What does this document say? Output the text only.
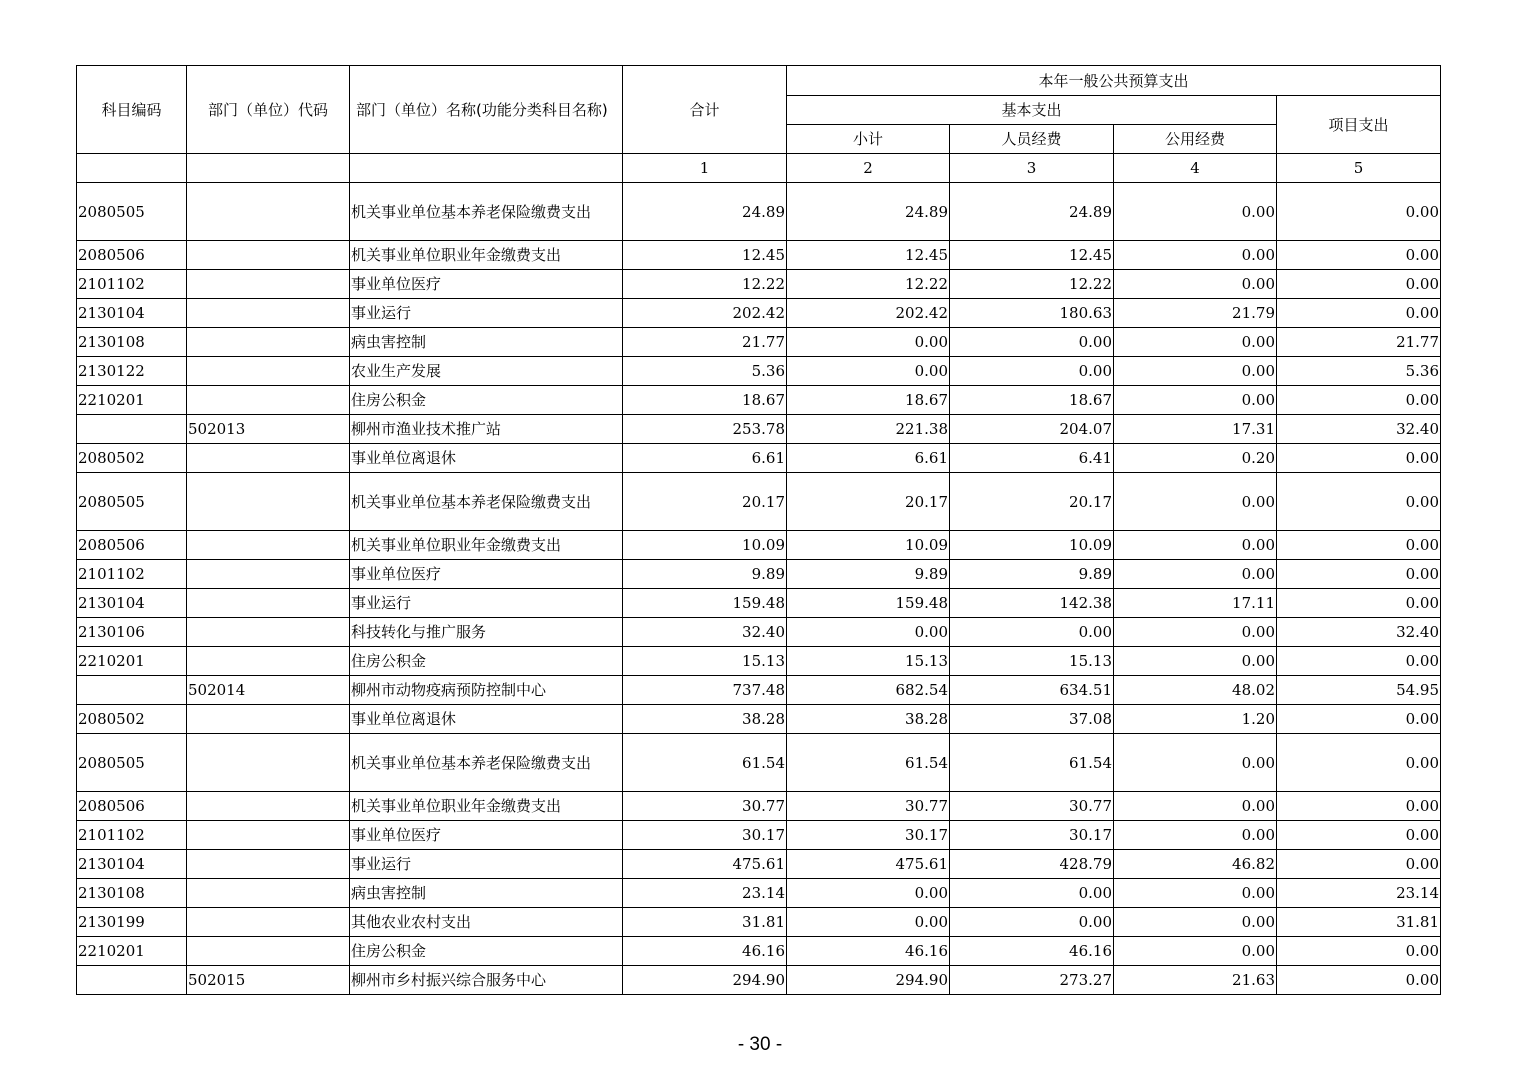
科目编码	部门（单位）代码	部门（单位）名称(功能分类科目名称)	合计	本年一般公共预算支出			
				基本支出			项目支出
				小计	人员经费	公用经费	
			1	2	3	4	5
2080505		机关事业单位基本养老保险缴费支出	24.89	24.89	24.89	0.00	0.00
2080506		机关事业单位职业年金缴费支出	12.45	12.45	12.45	0.00	0.00
2101102		事业单位医疗	12.22	12.22	12.22	0.00	0.00
2130104		事业运行	202.42	202.42	180.63	21.79	0.00
2130108		病虫害控制	21.77	0.00	0.00	0.00	21.77
2130122		农业生产发展	5.36	0.00	0.00	0.00	5.36
2210201		住房公积金	18.67	18.67	18.67	0.00	0.00
	502013	柳州市渔业技术推广站	253.78	221.38	204.07	17.31	32.40
2080502		事业单位离退休	6.61	6.61	6.41	0.20	0.00
2080505		机关事业单位基本养老保险缴费支出	20.17	20.17	20.17	0.00	0.00
2080506		机关事业单位职业年金缴费支出	10.09	10.09	10.09	0.00	0.00
2101102		事业单位医疗	9.89	9.89	9.89	0.00	0.00
2130104		事业运行	159.48	159.48	142.38	17.11	0.00
2130106		科技转化与推广服务	32.40	0.00	0.00	0.00	32.40
2210201		住房公积金	15.13	15.13	15.13	0.00	0.00
	502014	柳州市动物疫病预防控制中心	737.48	682.54	634.51	48.02	54.95
2080502		事业单位离退休	38.28	38.28	37.08	1.20	0.00
2080505		机关事业单位基本养老保险缴费支出	61.54	61.54	61.54	0.00	0.00
2080506		机关事业单位职业年金缴费支出	30.77	30.77	30.77	0.00	0.00
2101102		事业单位医疗	30.17	30.17	30.17	0.00	0.00
2130104		事业运行	475.61	475.61	428.79	46.82	0.00
2130108		病虫害控制	23.14	0.00	0.00	0.00	23.14
2130199		其他农业农村支出	31.81	0.00	0.00	0.00	31.81
2210201		住房公积金	46.16	46.16	46.16	0.00	0.00
	502015	柳州市乡村振兴综合服务中心	294.90	294.90	273.27	21.63	0.00
- 30 -
